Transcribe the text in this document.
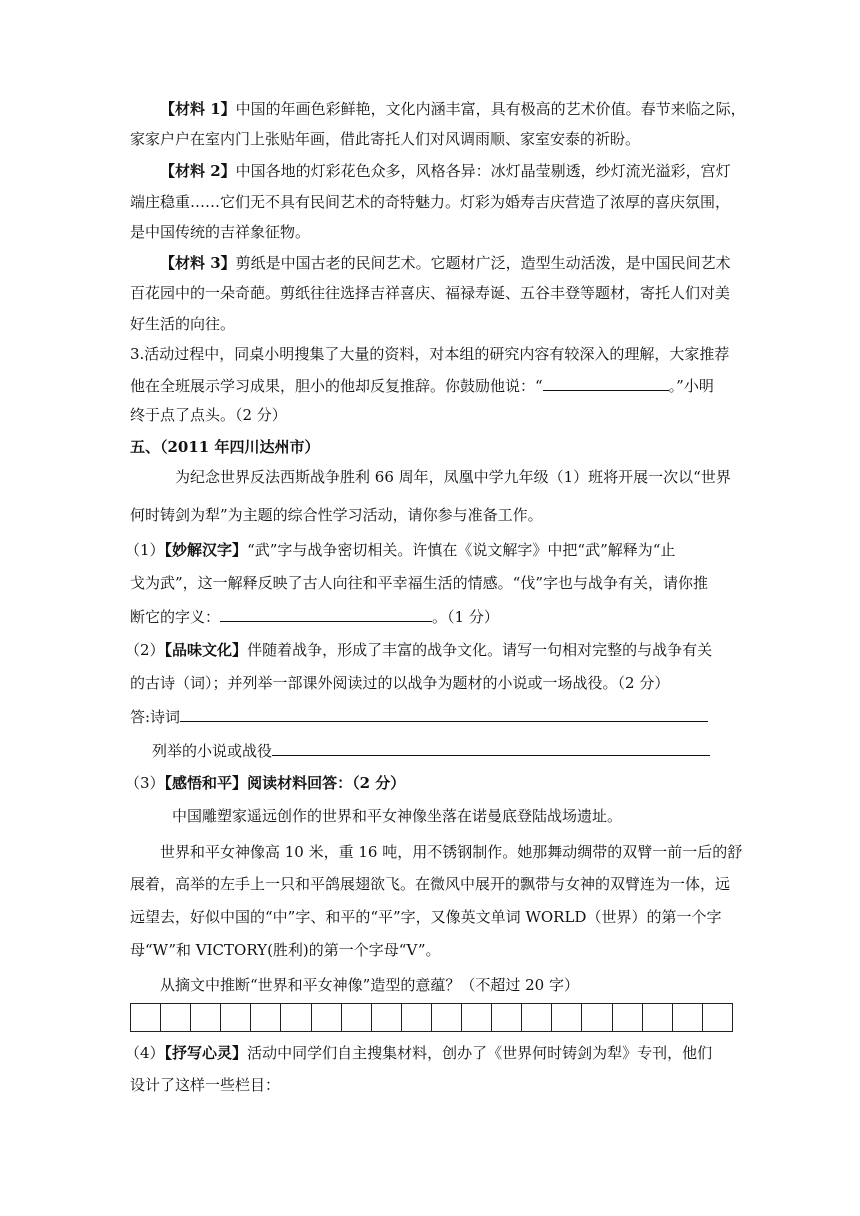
【材料 1】中国的年画色彩鲜艳，文化内涵丰富，具有极高的艺术价值。春节来临之际，
家家户户在室内门上张贴年画，借此寄托人们对风调雨顺、家室安泰的祈盼。
【材料 2】中国各地的灯彩花色众多，风格各异：冰灯晶莹剔透，纱灯流光溢彩，宫灯
端庄稳重……它们无不具有民间艺术的奇特魅力。灯彩为婚寿吉庆营造了浓厚的喜庆氛围，
是中国传统的吉祥象征物。
【材料 3】剪纸是中国古老的民间艺术。它题材广泛，造型生动活泼，是中国民间艺术
百花园中的一朵奇葩。剪纸往往选择吉祥喜庆、福禄寿诞、五谷丰登等题材，寄托人们对美
好生活的向往。
3.活动过程中，同桌小明搜集了大量的资料，对本组的研究内容有较深入的理解，大家推荐
他在全班展示学习成果，胆小的他却反复推辞。你鼓励他说：“	。”小明
终于点了点头。（2 分）
五、（2011 年四川达州市）
为纪念世界反法西斯战争胜利 66 周年，凤凰中学九年级（1）班将开展一次以“世界
何时铸剑为犁”为主题的综合性学习活动，请你参与准备工作。
（1）【妙解汉字】“武”字与战争密切相关。许慎在《说文解字》中把“武”解释为“止
戈为武”，这一解释反映了古人向往和平幸福生活的情感。“伐”字也与战争有关，请你推
断它的字义：	。（1 分）
（2）【品味文化】伴随着战争，形成了丰富的战争文化。请写一句相对完整的与战争有关
的古诗（词）；并列举一部课外阅读过的以战争为题材的小说或一场战役。（2 分）
答:诗词
列举的小说或战役
（3）【感悟和平】阅读材料回答：（2 分）
中国雕塑家遥远创作的世界和平女神像坐落在诺曼底登陆战场遗址。
世界和平女神像高 10 米，重 16 吨，用不锈钢制作。她那舞动绸带的双臂一前一后的舒
展着，高举的左手上一只和平鸽展翅欲飞。在微风中展开的飘带与女神的双臂连为一体，远
远望去，好似中国的“中”字、和平的“平”字，又像英文单词 WORLD（世界）的第一个字
母“W”和 VICTORY(胜利)的第一个字母“V”。
从摘文中推断“世界和平女神像”造型的意蕴？（不超过 20 字）
（4）【抒写心灵】活动中同学们自主搜集材料，创办了《世界何时铸剑为犁》专刊，他们
设计了这样一些栏目：
